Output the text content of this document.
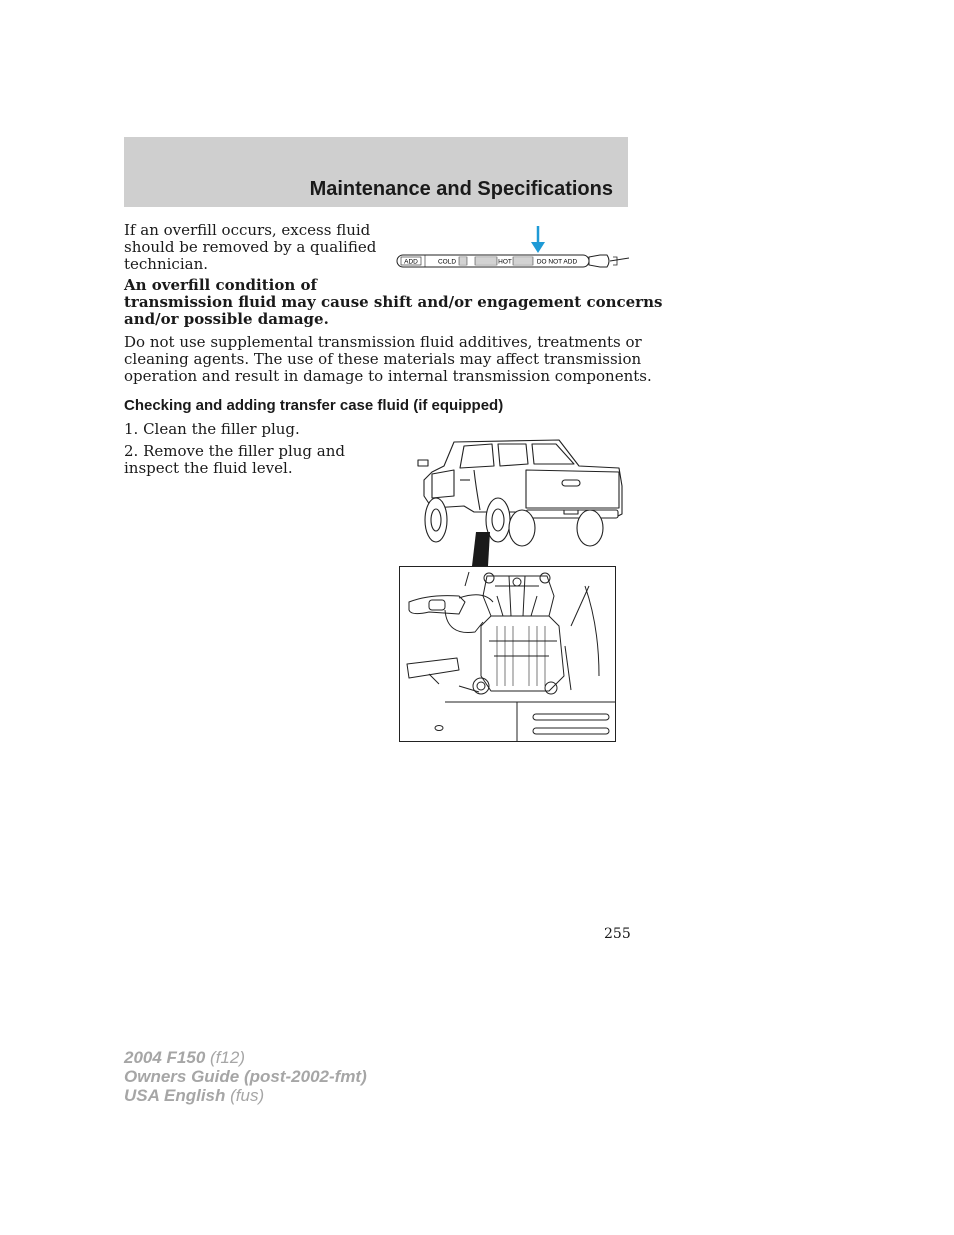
Maintenance and Specifications
If an overfill occurs, excess fluid
should be removed by a qualified
technician.	ADD	COLD	HOT	DO NOT ADD
An overfill condition of
transmission fluid may cause shift and/or engagement concerns
and/or possible damage.
Do not use supplemental transmission fluid additives, treatments or
cleaning agents. The use of these materials may affect transmission
operation and result in damage to internal transmission components.
Checking and adding transfer case fluid (if equipped)
1. Clean the filler plug.
2. Remove the filler plug and
inspect the fluid level.
255
2004 F150 (f12)
Owners Guide (post-2002-fmt)
USA English (fus)
